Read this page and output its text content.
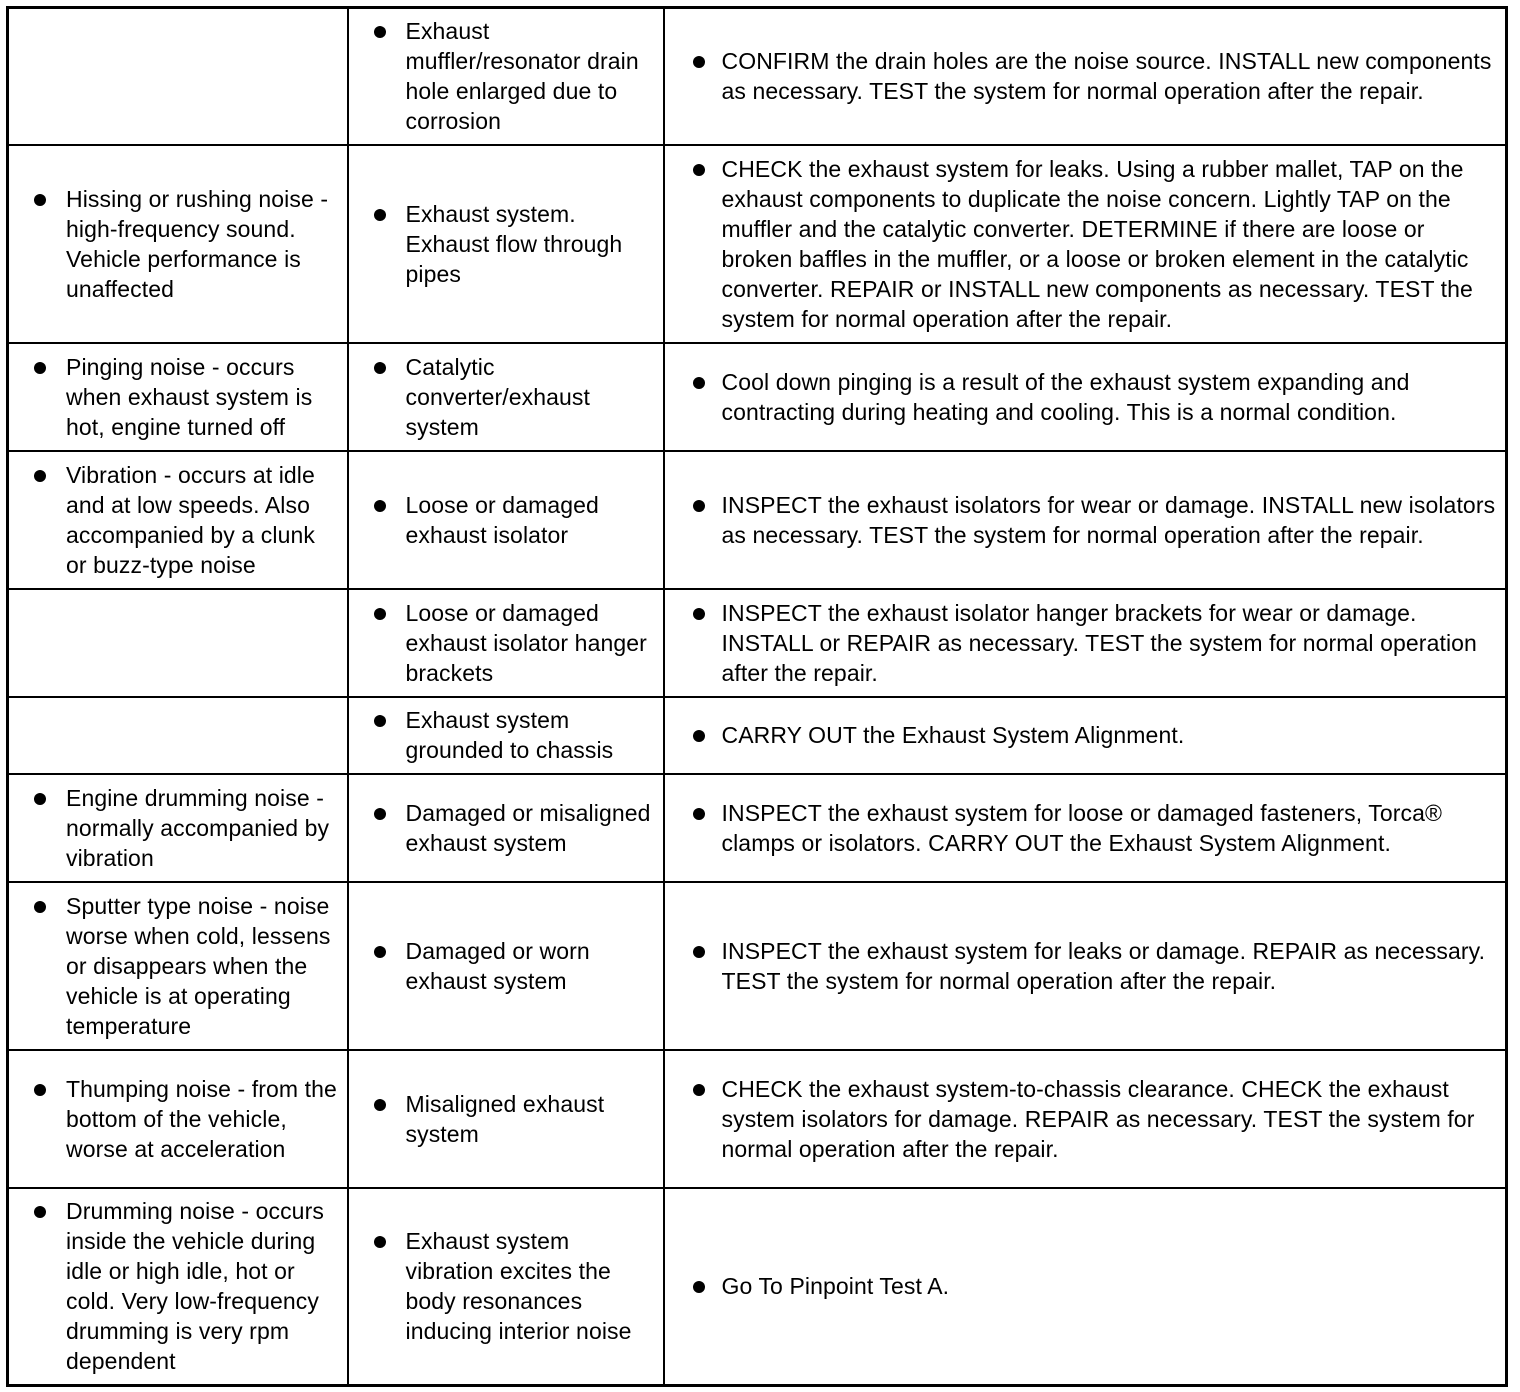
	Exhaust muffler/resonator drain hole enlarged due to corrosion	CONFIRM the drain holes are the noise source. INSTALL new components as necessary. TEST the system for normal operation after the repair.

Hissing or rushing noise - high-frequency sound. Vehicle performance is unaffected	Exhaust system. Exhaust flow through pipes	CHECK the exhaust system for leaks. Using a rubber mallet, TAP on the exhaust components to duplicate the noise concern. Lightly TAP on the muffler and the catalytic converter. DETERMINE if there are loose or broken baffles in the muffler, or a loose or broken element in the catalytic converter. REPAIR or INSTALL new components as necessary. TEST the system for normal operation after the repair.

Pinging noise - occurs when exhaust system is hot, engine turned off	Catalytic converter/exhaust system	Cool down pinging is a result of the exhaust system expanding and contracting during heating and cooling. This is a normal condition.

Vibration - occurs at idle and at low speeds. Also accompanied by a clunk or buzz-type noise	Loose or damaged exhaust isolator	INSPECT the exhaust isolators for wear or damage. INSTALL new isolators as necessary. TEST the system for normal operation after the repair.

	Loose or damaged exhaust isolator hanger brackets	INSPECT the exhaust isolator hanger brackets for wear or damage. INSTALL or REPAIR as necessary. TEST the system for normal operation after the repair.

	Exhaust system grounded to chassis	CARRY OUT the Exhaust System Alignment.

Engine drumming noise - normally accompanied by vibration	Damaged or misaligned exhaust system	INSPECT the exhaust system for loose or damaged fasteners, Torca® clamps or isolators. CARRY OUT the Exhaust System Alignment.

Sputter type noise - noise worse when cold, lessens or disappears when the vehicle is at operating temperature	Damaged or worn exhaust system	INSPECT the exhaust system for leaks or damage. REPAIR as necessary. TEST the system for normal operation after the repair.

Thumping noise - from the bottom of the vehicle, worse at acceleration	Misaligned exhaust system	CHECK the exhaust system-to-chassis clearance. CHECK the exhaust system isolators for damage. REPAIR as necessary. TEST the system for normal operation after the repair.

Drumming noise - occurs inside the vehicle during idle or high idle, hot or cold. Very low-frequency drumming is very rpm dependent	Exhaust system vibration excites the body resonances inducing interior noise	Go To Pinpoint Test A.
